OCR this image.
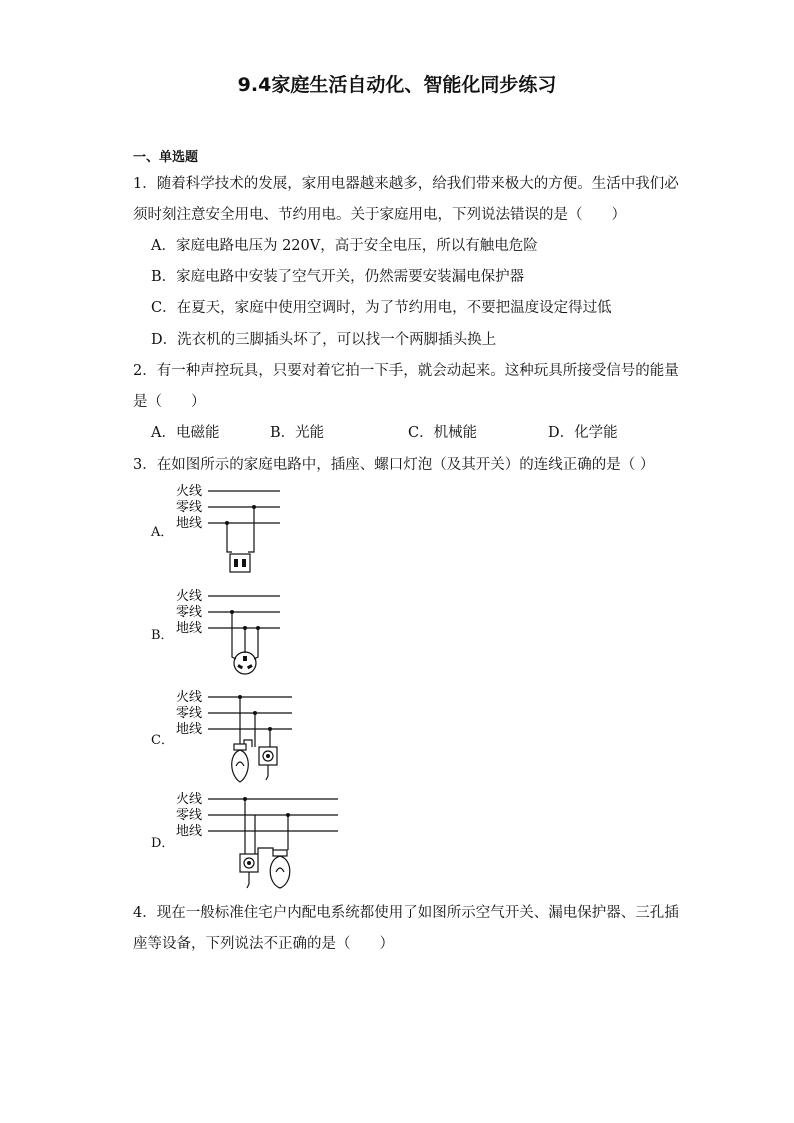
9.4家庭生活自动化、智能化同步练习
一、单选题
1．随着科学技术的发展，家用电器越来越多，给我们带来极大的方便。生活中我们必
须时刻注意安全用电、节约用电。关于家庭用电，下列说法错误的是（　　）
A．家庭电路电压为 220V，高于安全电压，所以有触电危险
B．家庭电路中安装了空气开关，仍然需要安装漏电保护器
C．在夏天，家庭中使用空调时，为了节约用电，不要把温度设定得过低
D．洗衣机的三脚插头坏了，可以找一个两脚插头换上
2．有一种声控玩具，只要对着它拍一下手，就会动起来。这种玩具所接受信号的能量
是（　　）
A．电磁能	B．光能	C．机械能	D．化学能
3．在如图所示的家庭电路中，插座、螺口灯泡（及其开关）的连线正确的是（ ）
A．
B．
C．
D．
火线
零线
地线
火线
零线
地线
火线
零线
地线
火线
零线
地线
4．现在一般标准住宅户内配电系统都使用了如图所示空气开关、漏电保护器、三孔插
座等设备，下列说法不正确的是（　　）
